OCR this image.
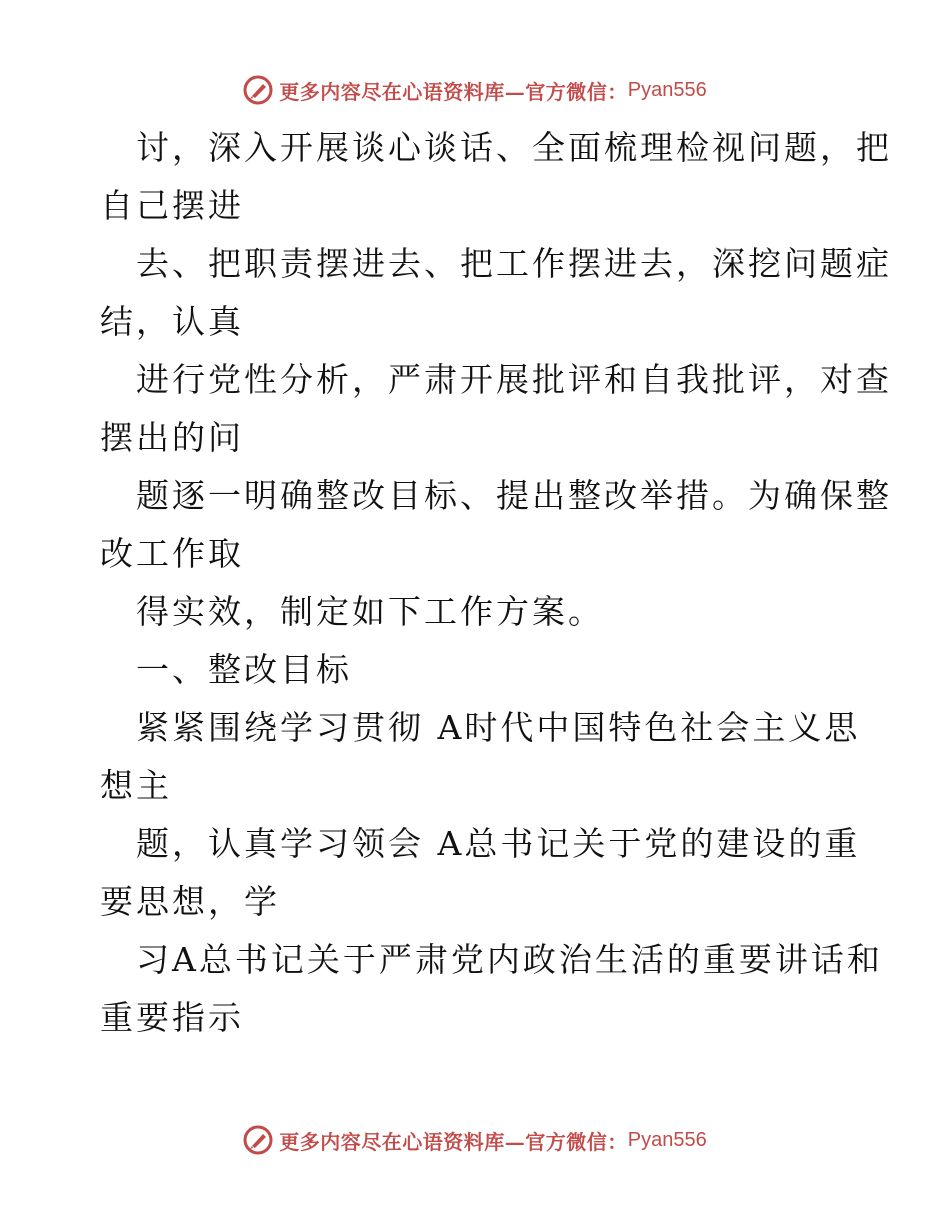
更多内容尽在心语资料库—官方微信： Pyan556
讨，深入开展谈心谈话、全面梳理检视问题，把
自己摆进
去、把职责摆进去、把工作摆进去，深挖问题症
结，认真
进行党性分析，严肃开展批评和自我批评，对查
摆出的问
题逐一明确整改目标、提出整改举措。为确保整
改工作取
得实效，制定如下工作方案。
一、整改目标
紧紧围绕学习贯彻 A时代中国特色社会主义思
想主
题，认真学习领会 A总书记关于党的建设的重
要思想，学
习A总书记关于严肃党内政治生活的重要讲话和
重要指示
更多内容尽在心语资料库—官方微信： Pyan556
